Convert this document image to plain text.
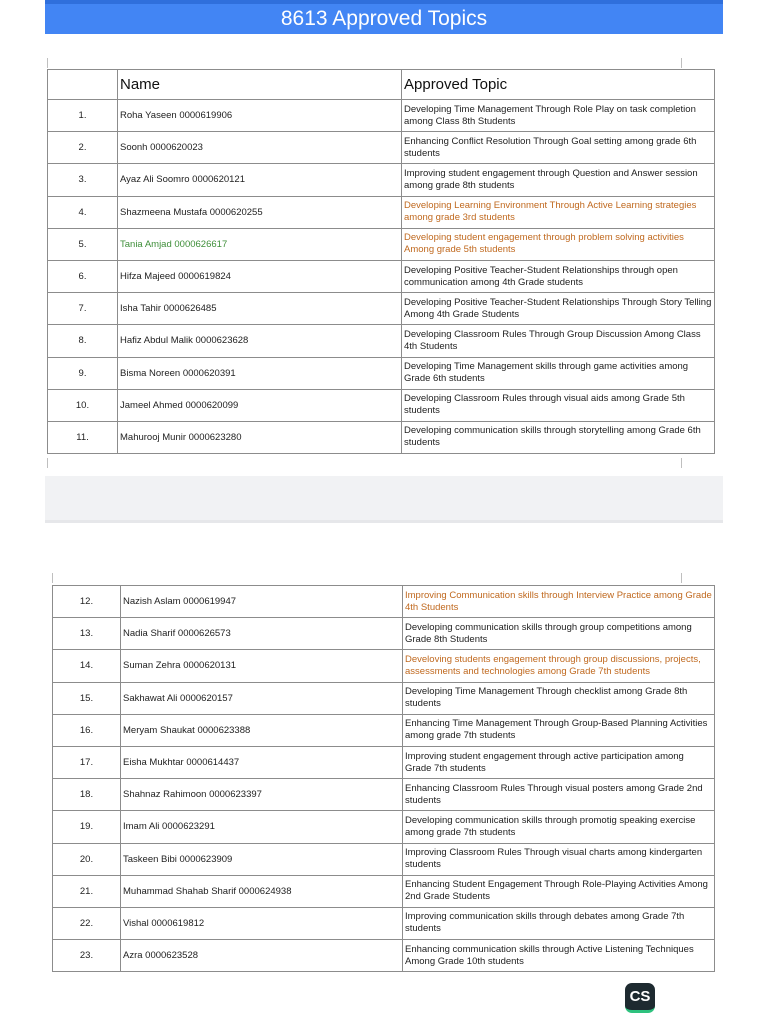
8613 Approved Topics
	Name	Approved Topic
1.	Roha Yaseen 0000619906	Developing Time Management Through Role Play on task completion among Class 8th Students
2.	Soonh 0000620023	Enhancing Conflict Resolution Through Goal setting among grade 6th students
3.	Ayaz Ali Soomro 0000620121	Improving student engagement through Question and Answer session among grade 8th students
4.	Shazmeena Mustafa 0000620255	Developing Learning Environment Through Active Learning strategies among grade 3rd students
5.	Tania Amjad 0000626617	Developing student engagement through problem solving activities Among grade 5th students
6.	Hifza Majeed 0000619824	Developing Positive Teacher-Student Relationships through open communication among 4th Grade students
7.	Isha Tahir 0000626485	Developing Positive Teacher-Student Relationships Through Story Telling Among 4th Grade Students
8.	Hafiz Abdul Malik 0000623628	Developing Classroom Rules Through Group Discussion Among Class 4th Students
9.	Bisma Noreen 0000620391	Developing Time Management skills through game activities among Grade 6th students
10.	Jameel Ahmed 0000620099	Developing Classroom Rules through visual aids among Grade 5th students
11.	Mahurooj Munir 0000623280	Developing communication skills through storytelling among Grade 6th students
12.	Nazish Aslam 0000619947	Improving Communication skills through Interview Practice among Grade 4th Students
13.	Nadia Sharif 0000626573	Developing communication skills through group competitions among Grade 8th Students
14.	Suman Zehra 0000620131	Develoving students engagement through group discussions, projects, assessments and technologies among Grade 7th students
15.	Sakhawat Ali 0000620157	Developing Time Management Through checklist among Grade 8th students
16.	Meryam Shaukat 0000623388	Enhancing Time Management Through Group-Based Planning Activities among grade 7th students
17.	Eisha Mukhtar 0000614437	Improving student engagement through active participation among Grade 7th students
18.	Shahnaz Rahimoon 0000623397	Enhancing Classroom Rules Through visual posters among Grade 2nd students
19.	Imam Ali 0000623291	Developing communication skills through promotig speaking exercise among grade 7th students
20.	Taskeen Bibi 0000623909	Improving Classroom Rules Through visual charts among kindergarten students
21.	Muhammad Shahab Sharif 0000624938	Enhancing Student Engagement Through Role-Playing Activities Among 2nd Grade Students
22.	Vishal 0000619812	Improving communication skills through debates among Grade 7th students
23.	Azra 0000623528	Enhancing communication skills through Active Listening Techniques Among Grade 10th students
CS
